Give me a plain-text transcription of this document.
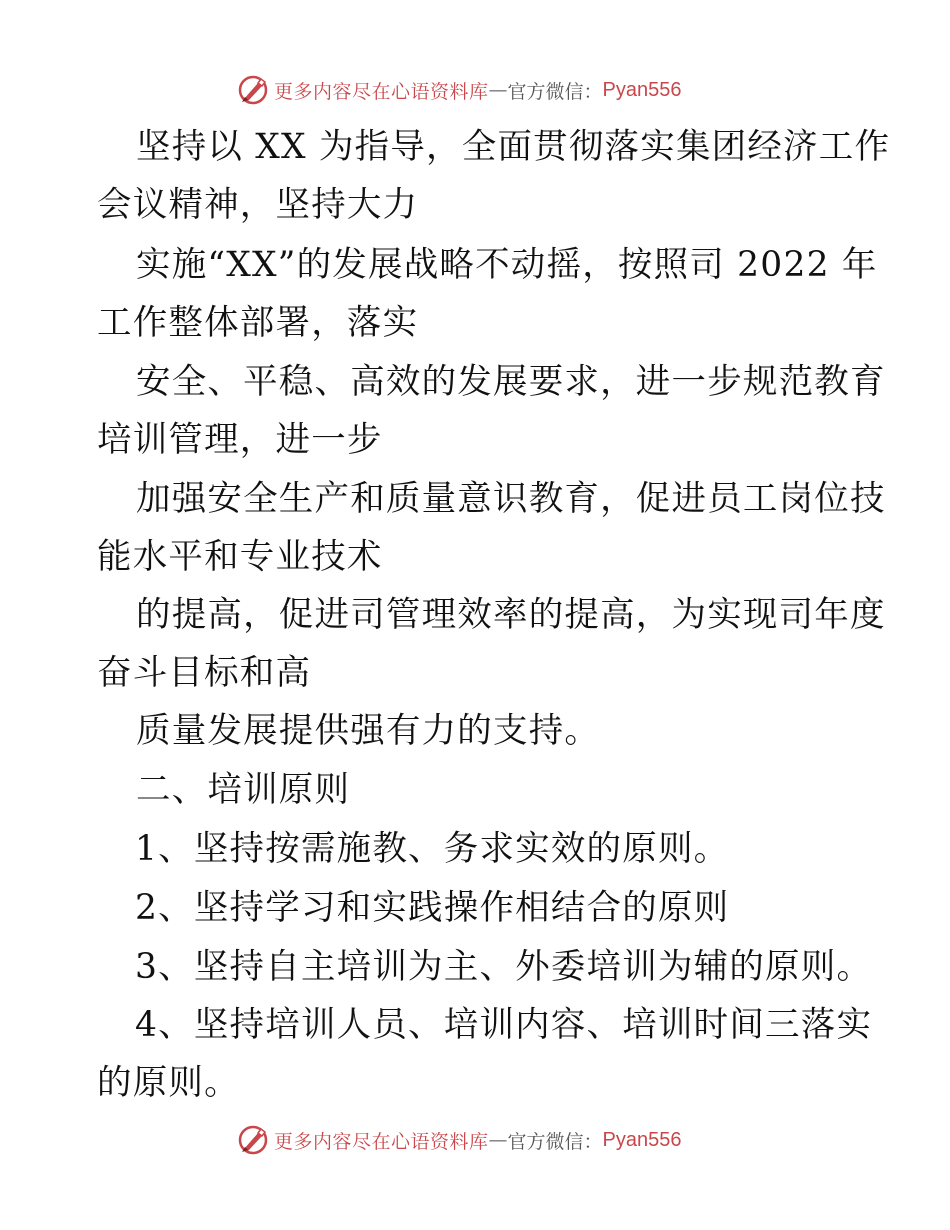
更多内容尽在心语资料库 — 官方微信： Pyan556
坚持以 XX 为指导，全面贯彻落实集团经济工作
会议精神，坚持大力
实施“XX”的发展战略不动摇，按照司 2022 年
工作整体部署，落实
安全、平稳、高效的发展要求，进一步规范教育
培训管理，进一步
加强安全生产和质量意识教育，促进员工岗位技
能水平和专业技术
的提高，促进司管理效率的提高，为实现司年度
奋斗目标和高
质量发展提供强有力的支持。
二、培训原则
1、坚持按需施教、务求实效的原则。
2、坚持学习和实践操作相结合的原则
3、坚持自主培训为主、外委培训为辅的原则。
4、坚持培训人员、培训内容、培训时间三落实
的原则。
更多内容尽在心语资料库 — 官方微信： Pyan556
